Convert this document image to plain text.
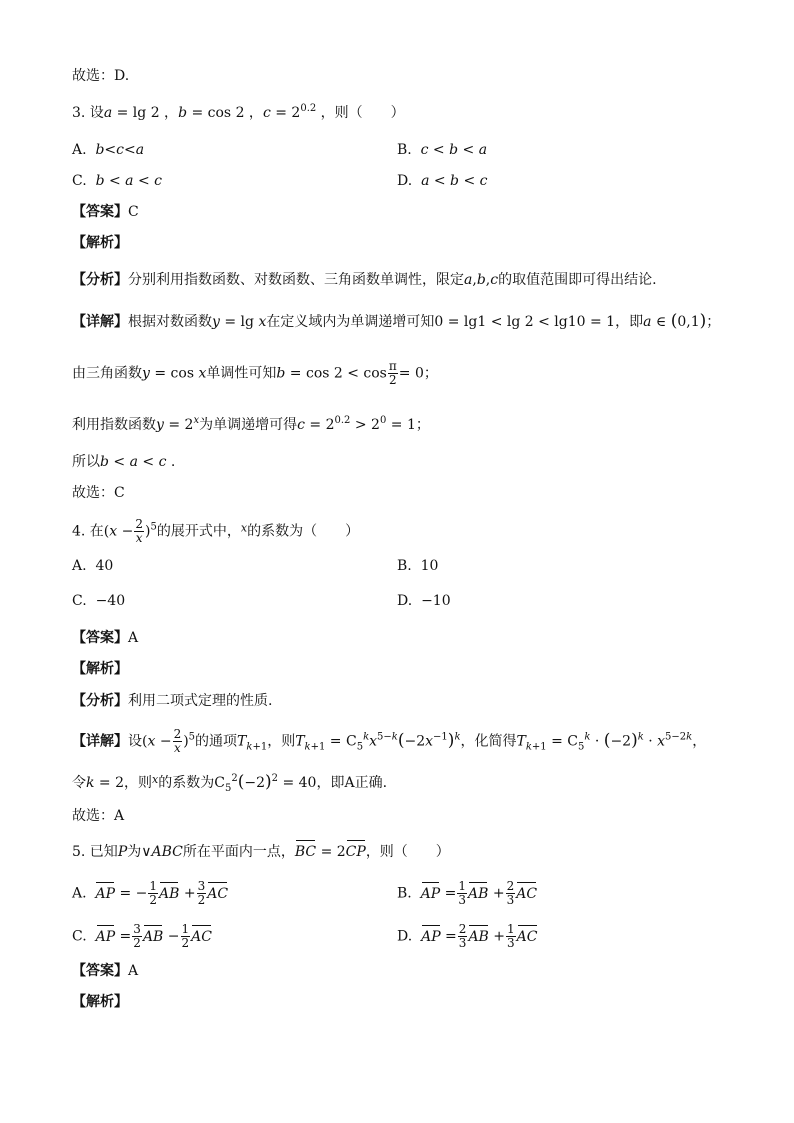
故选：D.
3. 设a = lg 2 ，b = cos 2 ，$c = 2^{0.2}$ ，则（　　）
A.  b<c<a	B.  c < b < a
C.  b < a < c	D.  a < b < c
【答案】C
【解析】
【分析】分别利用指数函数、对数函数、三角函数单调性，限定a,b,c的取值范围即可得出结论.
【详解】根据对数函数y = lg x在定义域内为单调递增可知0 = lg1 < lg 2 < lg10 = 1，即a ∈ (0,1)；
由三角函数y = cos x单调性可知$b = \cos 2 < \cos \frac{\pi}{2} = 0$；
利用指数函数$y = 2^x$为单调递增可得$c = 2^{0.2} > 2^0 = 1$；
所以b < a < c .
故选：C
4. 在$(x - \frac{2}{x} )^5$的展开式中，$^x$的系数为（　　）
A.  40	B.  10
C.  −40	D.  −10
【答案】A
【解析】
【分析】利用二项式定理的性质.
【详解】设$(x - \frac{2}{x} )^5$的通项$T_{k+1}$，则$T_{k+1} = C_5^kx^{5-k}(-2x^{-1})^k$，化简得$T_{k+1} = C_5^k \cdot (-2)^k \cdot x^{5-2k}$，
令k = 2，则$^x$的系数为$C_5^2(-2)^2 = 40$，即A正确.
故选：A
5. 已知P为∨ABC所在平面内一点，BC = 2CP，则（　　）
A.  AP = − $\frac{1}{2}$ AB + $\frac{3}{2}$ AC	B.  AP = $\frac{1}{3}$ AB + $\frac{2}{3}$ AC
C.  AP = $\frac{3}{2}$ AB − $\frac{1}{2}$ AC	D.  AP = $\frac{2}{3}$ AB + $\frac{1}{3}$ AC
【答案】A
【解析】
